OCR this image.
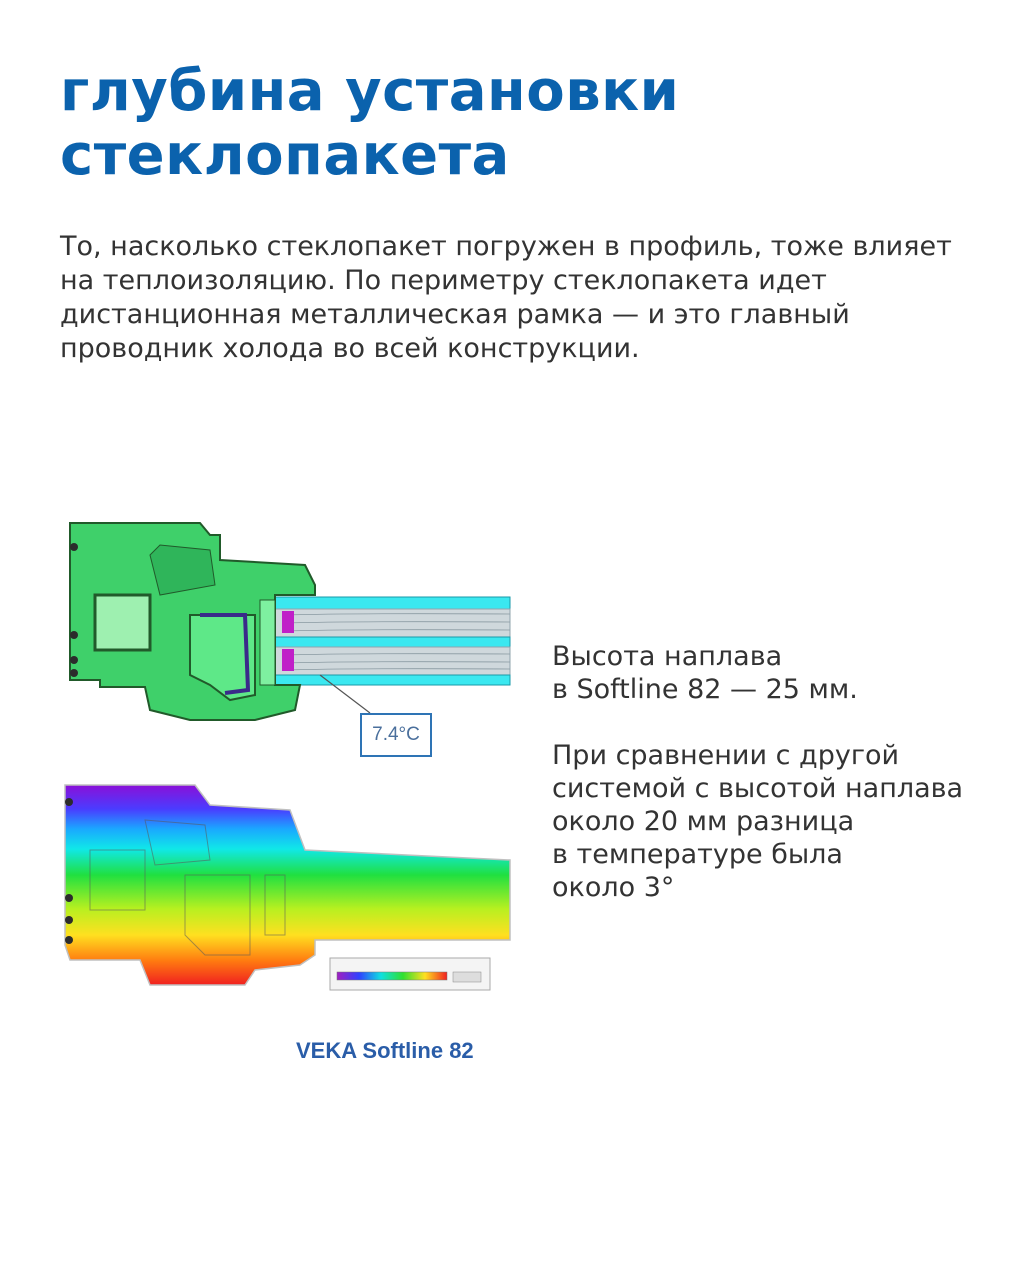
глубина установки
стеклопакета
То, насколько стеклопакет погружен в профиль, тоже влияет
на теплоизоляцию. По периметру стеклопакета идет
дистанционная металлическая рамка — и это главный
проводник холода во всей конструкции.
7.4°C
VEKA Softline 82
Высота наплава
в Softline 82 — 25 мм.
При сравнении с другой
системой с высотой наплава
около 20 мм разница
в температуре была
около 3°
